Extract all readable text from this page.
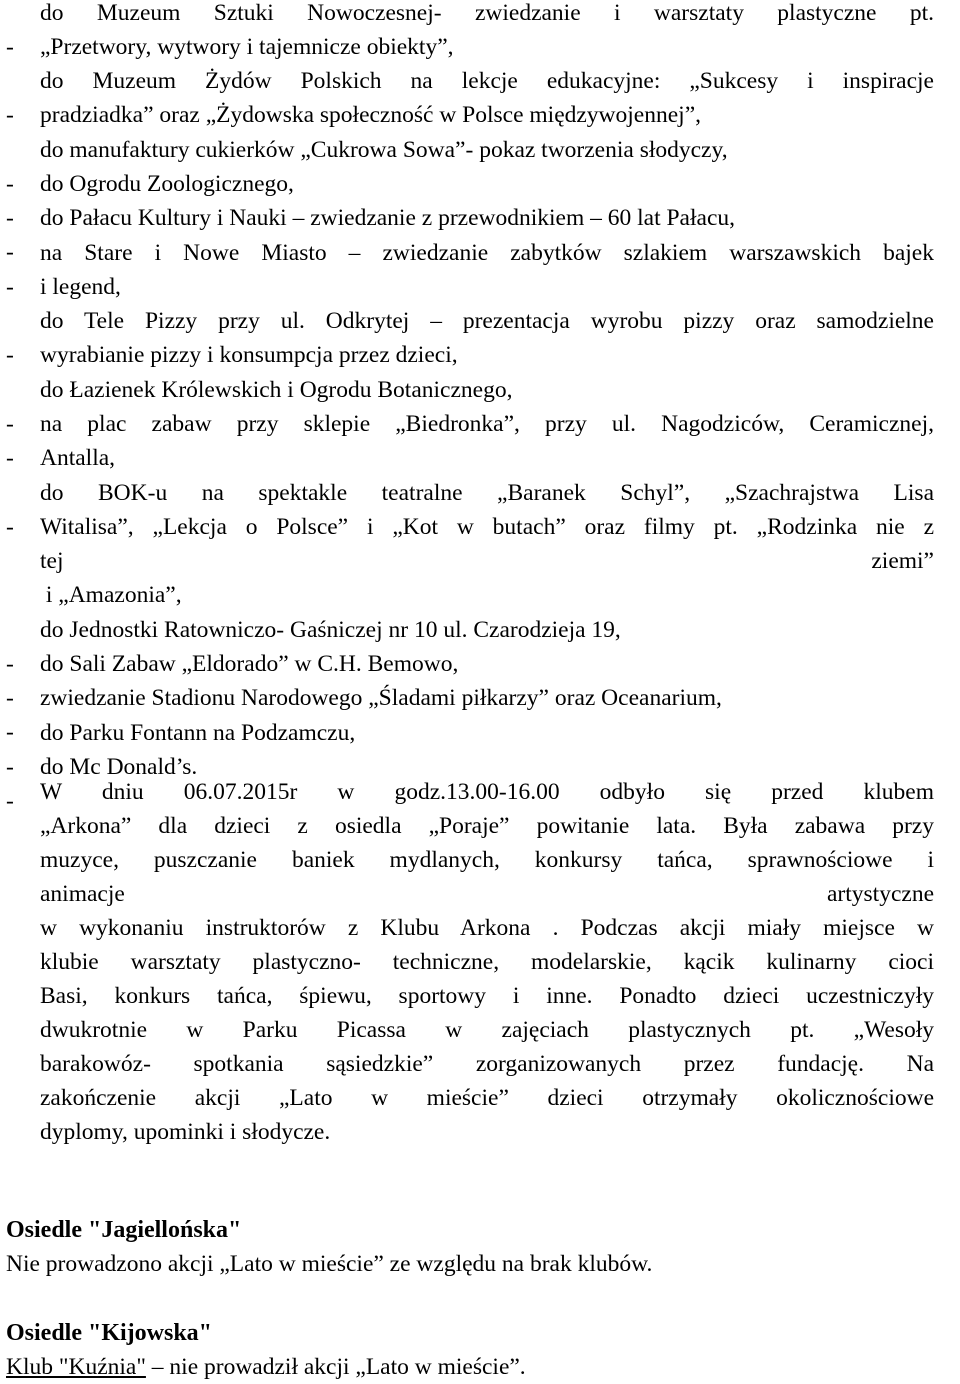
-

do Muzeum Sztuki Nowoczesnej- zwiedzanie i warsztaty plastyczne pt.

„Przetwory, wytwory i tajemnicze obiekty”,

-

do Muzeum Żydów Polskich na lekcje edukacyjne: „Sukcesy i inspiracje

pradziadka” oraz „Żydowska społeczność w Polsce międzywojennej”,

-

do manufaktury cukierków „Cukrowa Sowa”- pokaz tworzenia słodyczy,

-

do Ogrodu Zoologicznego,

-

do Pałacu Kultury i Nauki – zwiedzanie z przewodnikiem – 60 lat Pałacu,

-

na Stare i Nowe Miasto – zwiedzanie zabytków szlakiem warszawskich bajek

i legend,

-

do Tele Pizzy przy ul. Odkrytej – prezentacja wyrobu pizzy oraz samodzielne

wyrabianie pizzy i konsumpcja przez dzieci,

-

do Łazienek Królewskich i Ogrodu Botanicznego,

-

na plac zabaw przy sklepie „Biedronka”, przy ul. Nagodziców, Ceramicznej,

Antalla,

-

do BOK-u na spektakle teatralne „Baranek Schyl”, „Szachrajstwa Lisa

Witalisa”, „Lekcja o Polsce” i „Kot w butach” oraz filmy pt. „Rodzinka nie z

tej ziemi”

i „Amazonia”,

-

do Jednostki Ratowniczo- Gaśniczej nr 10 ul. Czarodzieja 19,

-

do Sali Zabaw „Eldorado” w C.H. Bemowo,

-

zwiedzanie Stadionu Narodowego „Śladami piłkarzy” oraz Oceanarium,

-

do Parku Fontann na Podzamczu,

-

do Mc Donald’s.

W dniu 06.07.2015r w godz.13.00-16.00 odbyło się przed klubem
„Arkona” dla dzieci z osiedla „Poraje” powitanie lata. Była zabawa przy
muzyce, puszczanie baniek mydlanych, konkursy tańca, sprawnościowe i
animacje artystyczne
w wykonaniu instruktorów z Klubu Arkona . Podczas akcji miały miejsce w
klubie warsztaty plastyczno- techniczne, modelarskie, kącik kulinarny cioci
Basi, konkurs tańca, śpiewu, sportowy i inne. Ponadto dzieci uczestniczyły
dwukrotnie w Parku Picassa w zajęciach plastycznych pt. „Wesoły
barakowóz- spotkania sąsiedzkie” zorganizowanych przez fundację. Na
zakończenie akcji „Lato w mieście” dzieci otrzymały okolicznościowe
dyplomy, upominki i słodycze.
Osiedle "Jagiellońska"
Nie prowadzono akcji „Lato w mieście” ze względu na brak klubów.
Osiedle "Kijowska"
Klub "Kuźnia" – nie prowadził akcji „Lato w mieście”.
